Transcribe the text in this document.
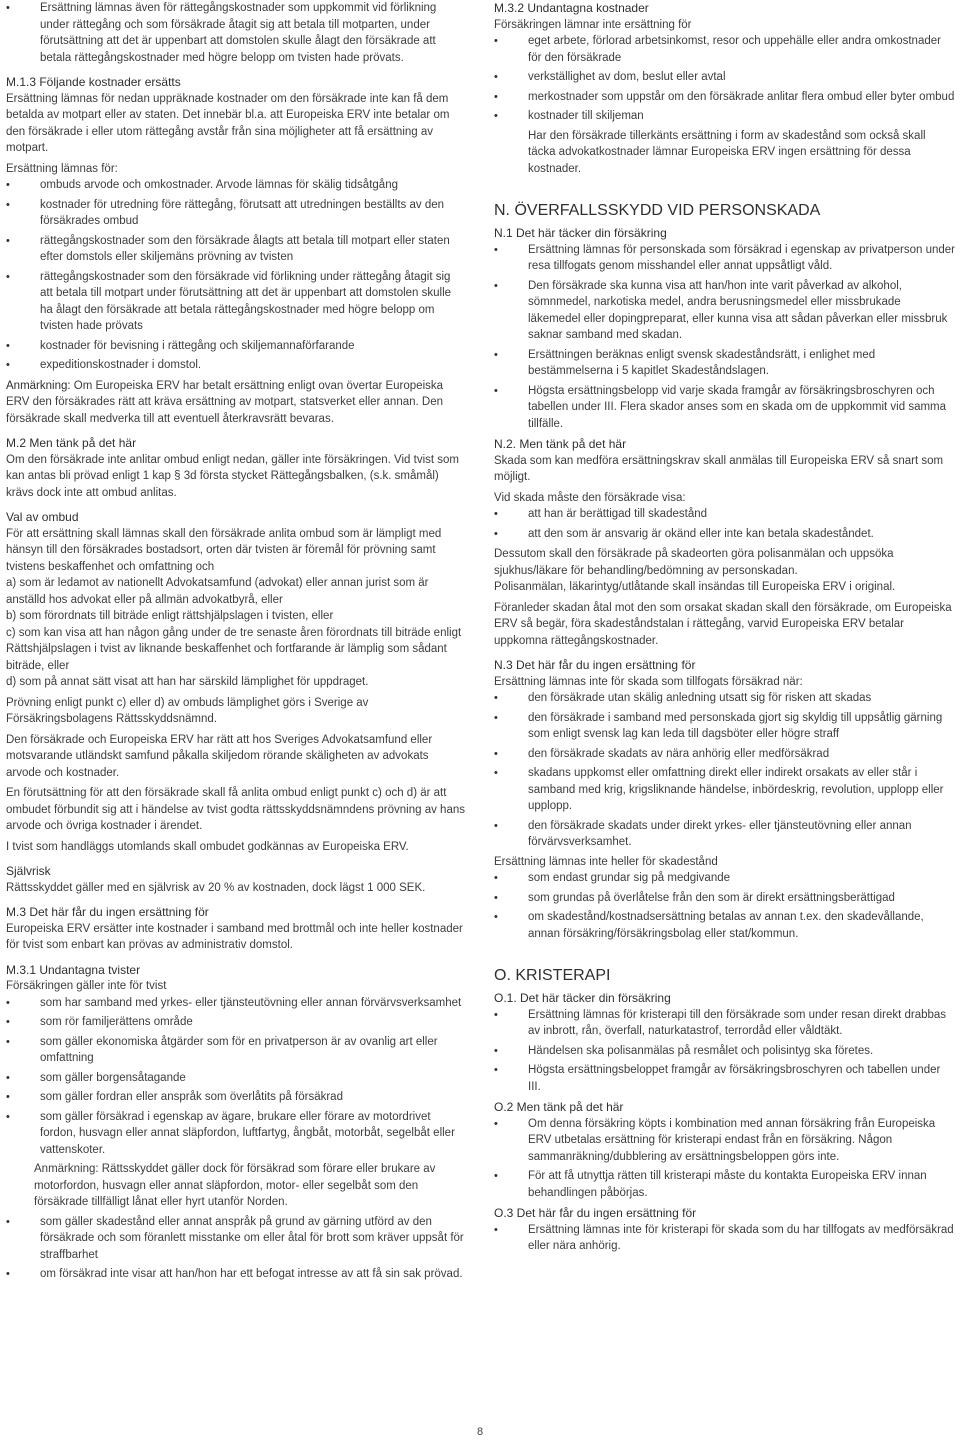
• Ersättning lämnas även för rättegångskostnader som uppkommit vid förlikning under rättegång och som försäkrade åtagit sig att betala till motparten, under förutsättning att det är uppenbart att domstolen skulle ålagt den försäkrade att betala rättegångskostnader med högre belopp om tvisten hade prövats.

M.1.3 Följande kostnader ersätts

Ersättning lämnas för nedan uppräknade kostnader om den försäkrade inte kan få dem betalda av motpart eller av staten. Det innebär bl.a. att Europeiska ERV inte betalar om den försäkrade i eller utom rättegång avstår från sina möjligheter att få ersättning av motpart.

Ersättning lämnas för:

• ombuds arvode och omkostnader. Arvode lämnas för skälig tidsåtgång
• kostnader för utredning före rättegång, förutsatt att utredningen beställts av den försäkrades ombud
• rättegångskostnader som den försäkrade ålagts att betala till motpart eller staten efter domstols eller skiljemäns prövning av tvisten
• rättegångskostnader som den försäkrade vid förlikning under rättegång åtagit sig att betala till motpart under förutsättning att det är uppenbart att domstolen skulle ha ålagt den försäkrade att betala rättegångskostnader med högre belopp om tvisten hade prövats
• kostnader för bevisning i rättegång och skiljemannaförfarande
• expeditionskostnader i domstol.

Anmärkning: Om Europeiska ERV har betalt ersättning enligt ovan övertar Europeiska ERV den försäkrades rätt att kräva ersättning av motpart, statsverket eller annan. Den försäkrade skall medverka till att eventuell återkravsrätt bevaras.

M.2 Men tänk på det här

Om den försäkrade inte anlitar ombud enligt nedan, gäller inte försäkringen. Vid tvist som kan antas bli prövad enligt 1 kap § 3d första stycket Rättegångsbalken, (s.k. småmål) krävs dock inte att ombud anlitas.

Val av ombud

För att ersättning skall lämnas skall den försäkrade anlita ombud som är lämpligt med hänsyn till den försäkrades bostadsort, orten där tvisten är föremål för prövning samt tvistens beskaffenhet och omfattning och

a) som är ledamot av nationellt Advokatsamfund (advokat) eller annan jurist som är anställd hos advokat eller på allmän advokatbyrå, eller

b) som förordnats till biträde enligt rättshjälpslagen i tvisten, eller

c) som kan visa att han någon gång under de tre senaste åren förordnats till biträde enligt

Rättshjälpslagen i tvist av liknande beskaffenhet och fortfarande är lämplig som sådant biträde, eller

d) som på annat sätt visat att han har särskild lämplighet för uppdraget.

Prövning enligt punkt c) eller d) av ombuds lämplighet görs i Sverige av Försäkringsbolagens Rättsskyddsnämnd.

Den försäkrade och Europeiska ERV har rätt att hos Sveriges Advokatsamfund eller motsvarande utländskt samfund påkalla skiljedom rörande skäligheten av advokats arvode och kostnader.

En förutsättning för att den försäkrade skall få anlita ombud enligt punkt c) och d) är att ombudet förbundit sig att i händelse av tvist godta rättsskyddsnämndens prövning av hans arvode och övriga kostnader i ärendet.

I tvist som handläggs utomlands skall ombudet godkännas av Europeiska ERV.

Självrisk

Rättsskyddet gäller med en självrisk av 20 % av kostnaden, dock lägst 1 000 SEK.

M.3 Det här får du ingen ersättning för

Europeiska ERV ersätter inte kostnader i samband med brottmål och inte heller kostnader för tvist som enbart kan prövas av administrativ domstol.

M.3.1 Undantagna tvister

Försäkringen gäller inte för tvist

• som har samband med yrkes- eller tjänsteutövning eller annan förvärvsverksamhet
• som rör familjerättens område
• som gäller ekonomiska åtgärder som för en privatperson är av ovanlig art eller omfattning
• som gäller borgensåtagande
• som gäller fordran eller anspråk som överlåtits på försäkrad
• som gäller försäkrad i egenskap av ägare, brukare eller förare av motordrivet fordon, husvagn eller annat släpfordon, luftfartyg, ångbåt, motorbåt, segelbåt eller vattenskoter.

Anmärkning: Rättsskyddet gäller dock för försäkrad som förare eller brukare av motorfordon, husvagn eller annat släpfordon, motor- eller segelbåt som den försäkrade tillfälligt lånat eller hyrt utanför Norden.

• som gäller skadestånd eller annat anspråk på grund av gärning utförd av den försäkrade och som föranlett misstanke om eller åtal för brott som kräver uppsåt för straffbarhet
• om försäkrad inte visar att han/hon har ett befogat intresse av att få sin sak prövad.

M.3.2 Undantagna kostnader

Försäkringen lämnar inte ersättning för

• eget arbete, förlorad arbetsinkomst, resor och uppehälle eller andra omkostnader för den försäkrade
• verkställighet av dom, beslut eller avtal
• merkostnader som uppstår om den försäkrade anlitar flera ombud eller byter ombud
• kostnader till skiljeman

Har den försäkrade tillerkänts ersättning i form av skadestånd som också skall täcka advokatkostnader lämnar Europeiska ERV ingen ersättning för dessa kostnader.

N. ÖVERFALLSSKYDD VID PERSONSKADA

N.1 Det här täcker din försäkring

• Ersättning lämnas för personskada som försäkrad i egenskap av privatperson under resa tillfogats genom misshandel eller annat uppsåtligt våld.
• Den försäkrade ska kunna visa att han/hon inte varit påverkad av alkohol, sömnmedel, narkotiska medel, andra berusningsmedel eller missbrukade läkemedel eller dopingpreparat, eller kunna visa att sådan påverkan eller missbruk saknar samband med skadan.
• Ersättningen beräknas enligt svensk skadeståndsrätt, i enlighet med bestämmelserna i 5 kapitlet Skadeståndslagen.
• Högsta ersättningsbelopp vid varje skada framgår av försäkringsbroschyren och tabellen under III. Flera skador anses som en skada om de uppkommit vid samma tillfälle.

N.2. Men tänk på det här

Skada som kan medföra ersättningskrav skall anmälas till Europeiska ERV så snart som möjligt.

Vid skada måste den försäkrade visa:

• att han är berättigad till skadestånd
• att den som är ansvarig är okänd eller inte kan betala skadeståndet.

Dessutom skall den försäkrade på skadeorten göra polisanmälan och uppsöka sjukhus/läkare för behandling/bedömning av personskadan.

Polisanmälan, läkarintyg/utlåtande skall insändas till Europeiska ERV i original.

Föranleder skadan åtal mot den som orsakat skadan skall den försäkrade, om Europeiska ERV så begär, föra skadeståndstalan i rättegång, varvid Europeiska ERV betalar uppkomna rättegångskostnader.

N.3 Det här får du ingen ersättning för

Ersättning lämnas inte för skada som tillfogats försäkrad när:

• den försäkrade utan skälig anledning utsatt sig för risken att skadas
• den försäkrade i samband med personskada gjort sig skyldig till uppsåtlig gärning som enligt svensk lag kan leda till dagsböter eller högre straff
• den försäkrade skadats av nära anhörig eller medförsäkrad
• skadans uppkomst eller omfattning direkt eller indirekt orsakats av eller står i samband med krig, krigsliknande händelse, inbördeskrig, revolution, upplopp eller upplopp.
• den försäkrade skadats under direkt yrkes- eller tjänsteutövning eller annan förvärvsverksamhet.

Ersättning lämnas inte heller för skadestånd

• som endast grundar sig på medgivande
• som grundas på överlåtelse från den som är direkt ersättningsberättigad
• om skadestånd/kostnadsersättning betalas av annan t.ex. den skadevållande, annan försäkring/försäkringsbolag eller stat/kommun.

O. KRISTERAPI

O.1. Det här täcker din försäkring

• Ersättning lämnas för kristerapi till den försäkrade som under resan direkt drabbas av inbrott, rån, överfall, naturkatastrof, terrordåd eller våldtäkt.
• Händelsen ska polisanmälas på resmålet och polisintyg ska företes.
• Högsta ersättningsbeloppet framgår av försäkringsbroschyren och tabellen under III.

O.2 Men tänk på det här

• Om denna försäkring köpts i kombination med annan försäkring från Europeiska ERV utbetalas ersättning för kristerapi endast från en försäkring. Någon sammanräkning/dubblering av ersättningsbeloppen görs inte.
• För att få utnyttja rätten till kristerapi måste du kontakta Europeiska ERV innan behandlingen påbörjas.

O.3 Det här får du ingen ersättning för

• Ersättning lämnas inte för kristerapi för skada som du har tillfogats av medförsäkrad eller nära anhörig.
8
